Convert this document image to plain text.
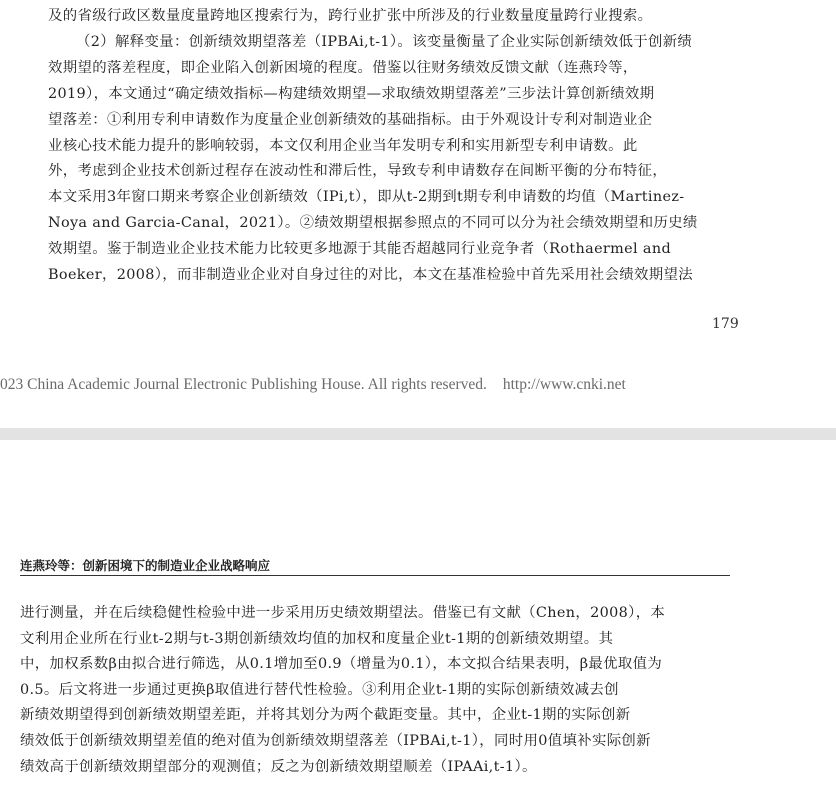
及的省级行政区数量度量跨地区搜索行为，跨行业扩张中所涉及的行业数量度量跨行业搜索。
（2）解释变量：创新绩效期望落差（IPBAi,t-1）。该变量衡量了企业实际创新绩效低于创新绩
效期望的落差程度，即企业陷入创新困境的程度。借鉴以往财务绩效反馈文献（连燕玲等，
2019），本文通过“确定绩效指标—构建绩效期望—求取绩效期望落差”三步法计算创新绩效期
望落差：①利用专利申请数作为度量企业创新绩效的基础指标。由于外观设计专利对制造业企
业核心技术能力提升的影响较弱，本文仅利用企业当年发明专利和实用新型专利申请数。此
外，考虑到企业技术创新过程存在波动性和滞后性，导致专利申请数存在间断平衡的分布特征，
本文采用3年窗口期来考察企业创新绩效（IPi,t），即从t-2期到t期专利申请数的均值（Martinez-
Noya and Garcia-Canal，2021）。②绩效期望根据参照点的不同可以分为社会绩效期望和历史绩
效期望。鉴于制造业企业技术能力比较更多地源于其能否超越同行业竞争者（Rothaermel and
Boeker，2008），而非制造业企业对自身过往的对比，本文在基准检验中首先采用社会绩效期望法
179
023 China Academic Journal Electronic Publishing House. All rights reserved. http://www.cnki.net
连燕玲等：创新困境下的制造业企业战略响应
进行测量，并在后续稳健性检验中进一步采用历史绩效期望法。借鉴已有文献（Chen，2008），本
文利用企业所在行业t-2期与t-3期创新绩效均值的加权和度量企业t-1期的创新绩效期望。其
中，加权系数β由拟合进行筛选，从0.1增加至0.9（增量为0.1），本文拟合结果表明，β最优取值为
0.5。后文将进一步通过更换β取值进行替代性检验。③利用企业t-1期的实际创新绩效减去创
新绩效期望得到创新绩效期望差距，并将其划分为两个截距变量。其中，企业t-1期的实际创新
绩效低于创新绩效期望差值的绝对值为创新绩效期望落差（IPBAi,t-1），同时用0值填补实际创新
绩效高于创新绩效期望部分的观测值；反之为创新绩效期望顺差（IPAAi,t-1）。
